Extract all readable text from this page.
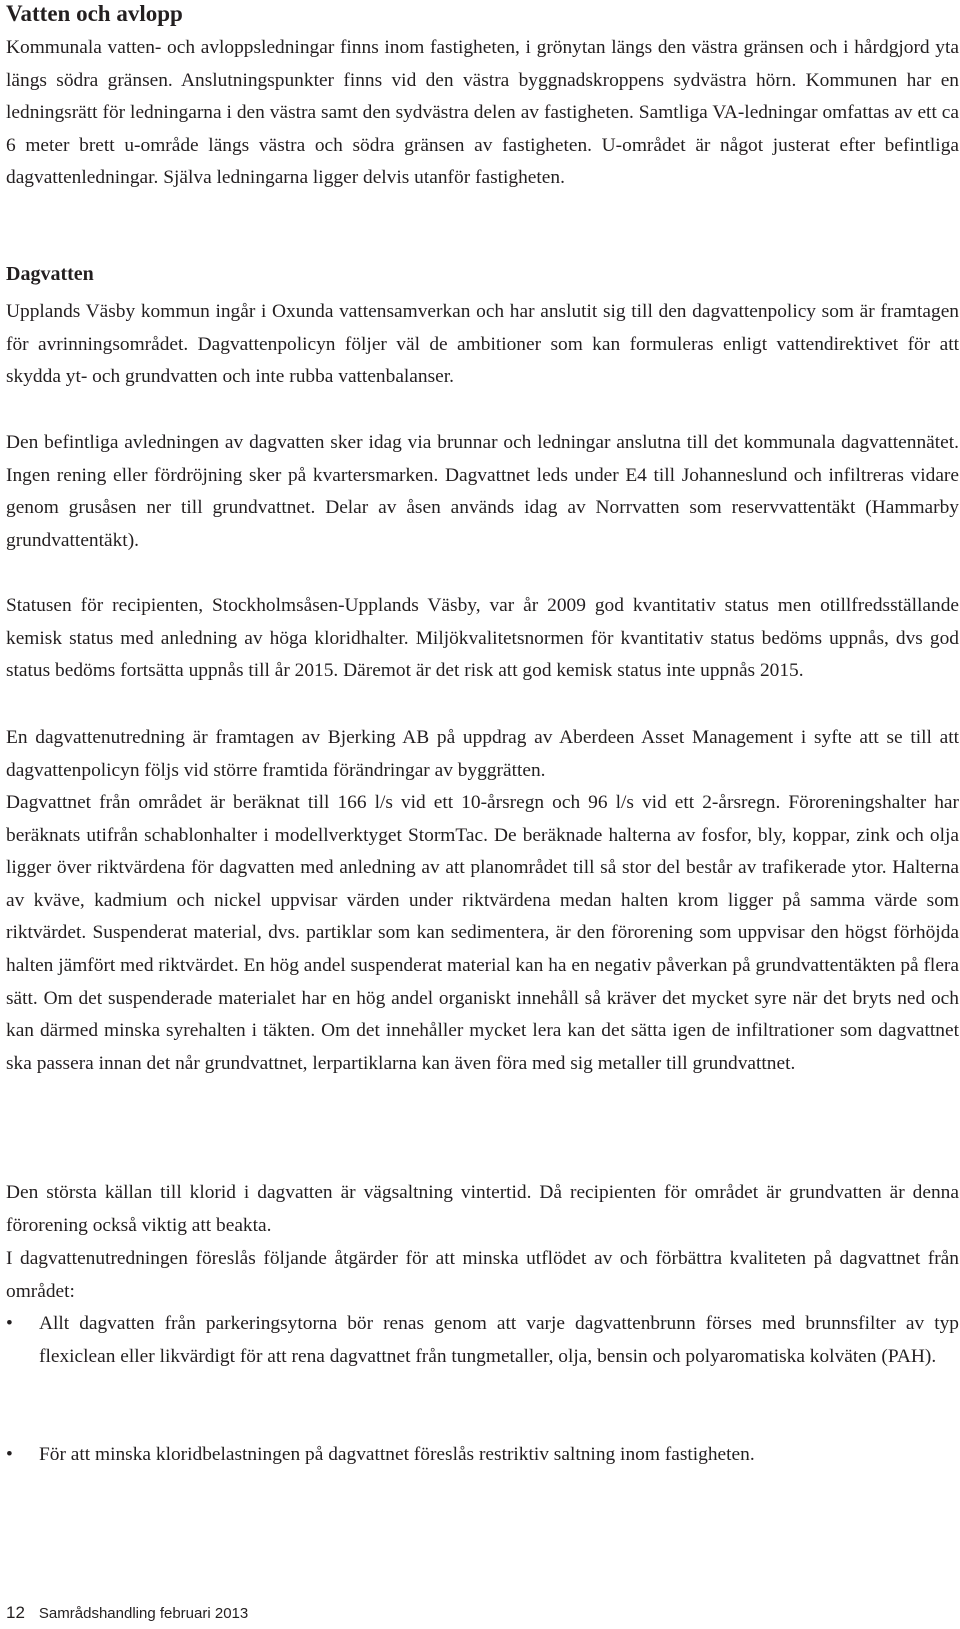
Vatten och avlopp
Kommunala vatten- och avloppsledningar finns inom fastigheten, i grönytan längs den västra gränsen och i hårdgjord yta längs södra gränsen. Anslutningspunkter finns vid den västra byggnadskroppens sydvästra hörn. Kommunen har en ledningsrätt för ledningarna i den västra samt den sydvästra delen av fastigheten. Samtliga VA-ledningar omfattas av ett ca 6 meter brett u-område längs västra och södra gränsen av fastigheten. U-området är något justerat efter befintliga dagvattenledningar. Själva ledningarna ligger delvis utanför fastigheten.
Dagvatten
Upplands Väsby kommun ingår i Oxunda vattensamverkan och har anslutit sig till den dagvattenpolicy som är framtagen för avrinningsområdet. Dagvattenpolicyn följer väl de ambitioner som kan formuleras enligt vattendirektivet för att skydda yt- och grundvatten och inte rubba vattenbalanser.
Den befintliga avledningen av dagvatten sker idag via brunnar och ledningar anslutna till det kommunala dagvattennätet. Ingen rening eller fördröjning sker på kvartersmarken. Dagvattnet leds under E4 till Johanneslund och infiltreras vidare genom grusåsen ner till grundvattnet. Delar av åsen används idag av Norrvatten som reservvattentäkt (Hammarby grundvattentäkt).
Statusen för recipienten, Stockholmsåsen-Upplands Väsby, var år 2009 god kvantitativ status men otillfredsställande kemisk status med anledning av höga kloridhalter. Miljökvalitetsnormen för kvantitativ status bedöms uppnås, dvs god status bedöms fortsätta uppnås till år 2015. Däremot är det risk att god kemisk status inte uppnås 2015.
En dagvattenutredning är framtagen av Bjerking AB på uppdrag av Aberdeen Asset Management i syfte att se till att dagvattenpolicyn följs vid större framtida förändringar av byggrätten.
Dagvattnet från området är beräknat till 166 l/s vid ett 10-årsregn och 96 l/s vid ett 2-årsregn. Föroreningshalter har beräknats utifrån schablonhalter i modellverktyget StormTac. De beräknade halterna av fosfor, bly, koppar, zink och olja ligger över riktvärdena för dagvatten med anledning av att planområdet till så stor del består av trafikerade ytor. Halterna av kväve, kadmium och nickel uppvisar värden under riktvärdena medan halten krom ligger på samma värde som riktvärdet. Suspenderat material, dvs. partiklar som kan sedimentera, är den förorening som uppvisar den högst förhöjda halten jämfört med riktvärdet. En hög andel suspenderat material kan ha en negativ påverkan på grundvattentäkten på flera sätt. Om det suspenderade materialet har en hög andel organiskt innehåll så kräver det mycket syre när det bryts ned och kan därmed minska syrehalten i täkten. Om det innehåller mycket lera kan det sätta igen de infiltrationer som dagvattnet ska passera innan det når grundvattnet, lerpartiklarna kan även föra med sig metaller till grundvattnet.
Den största källan till klorid i dagvatten är vägsaltning vintertid. Då recipienten för området är grundvatten är denna förorening också viktig att beakta.
I dagvattenutredningen föreslås följande åtgärder för att minska utflödet av och förbättra kvaliteten på dagvattnet från området:
• Allt dagvatten från parkeringsytorna bör renas genom att varje dagvattenbrunn förses med brunnsfilter av typ flexiclean eller likvärdigt för att rena dagvattnet från tungmetaller, olja, bensin och polyaromatiska kolväten (PAH).
• För att minska kloridbelastningen på dagvattnet föreslås restriktiv saltning inom fastigheten.
12 Samrådshandling februari 2013
